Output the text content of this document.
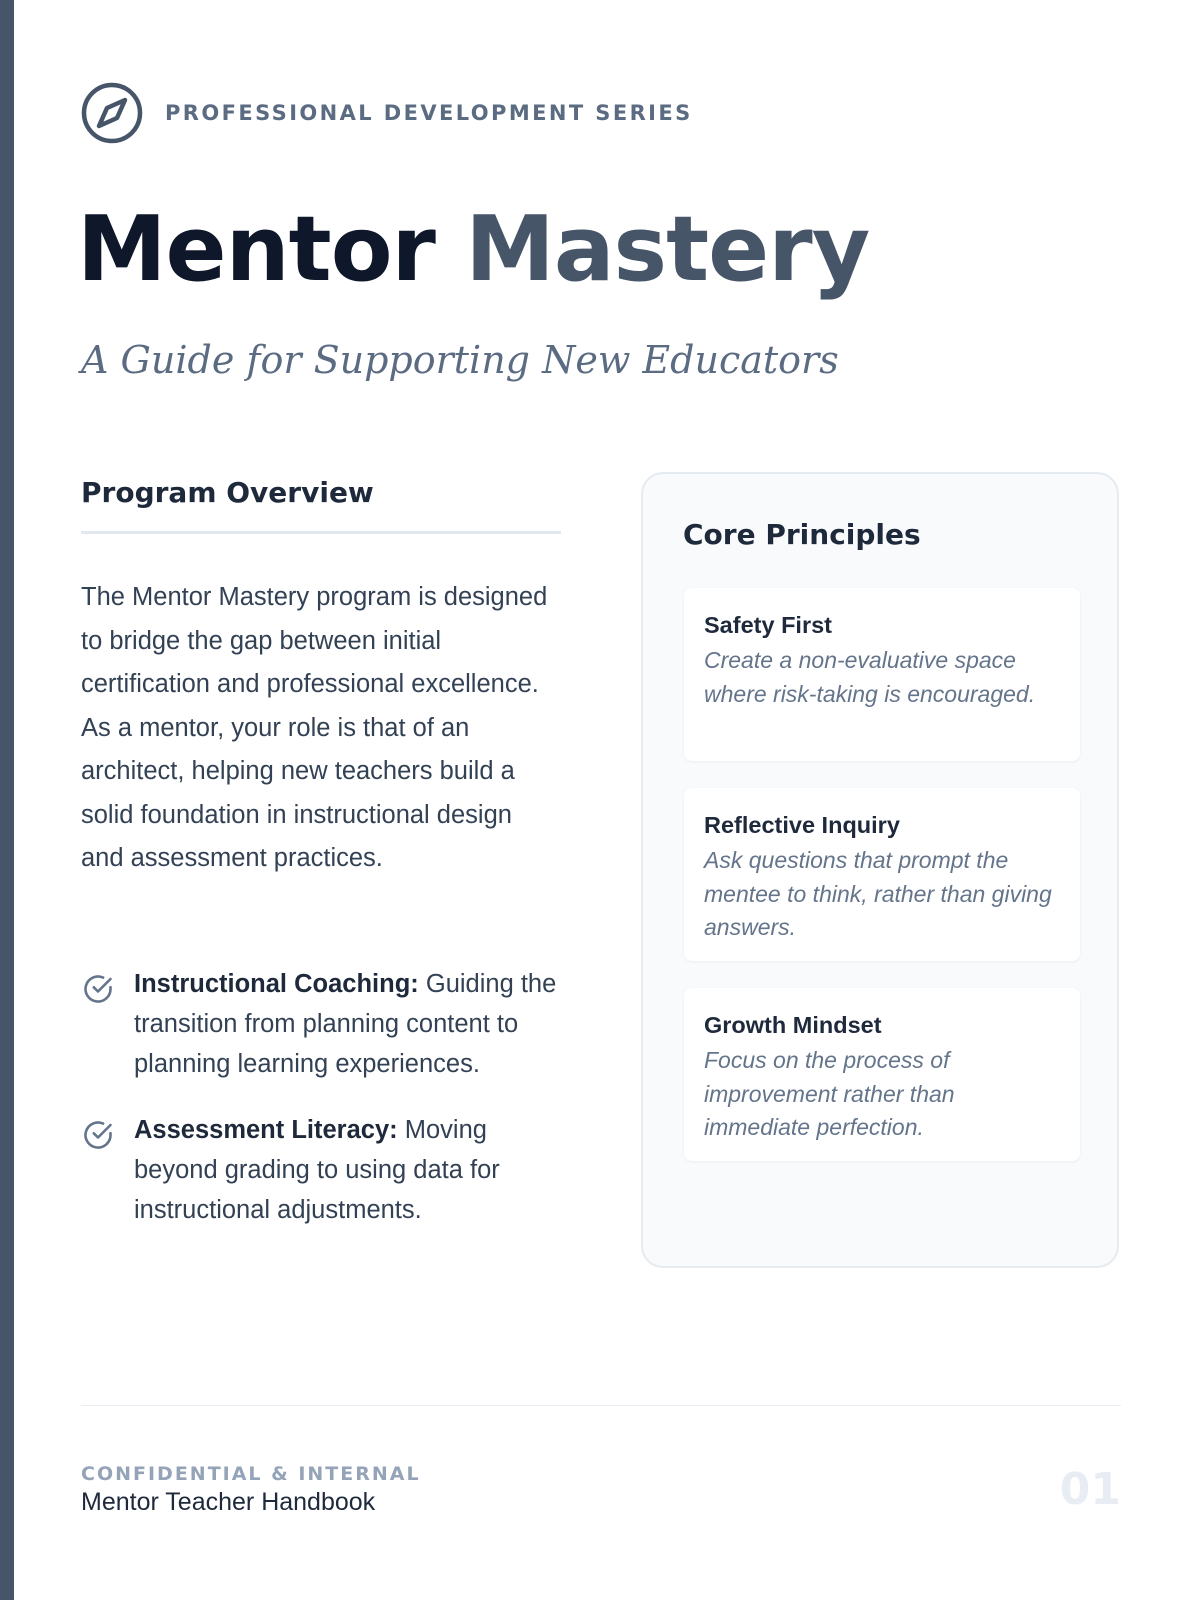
PROFESSIONAL DEVELOPMENT SERIES
Mentor Mastery

A Guide for Supporting New Educators

Program Overview

The Mentor Mastery program is designed to bridge the gap between initial certification and professional excellence. As a mentor, your role is that of an architect, helping new teachers build a solid foundation in instructional design and assessment practices.

Instructional Coaching: Guiding the transition from planning content to planning learning experiences.
Assessment Literacy: Moving beyond grading to using data for instructional adjustments.
Core Principles
Safety First
Create a non-evaluative space where risk-taking is encouraged.
Reflective Inquiry
Ask questions that prompt the mentee to think, rather than giving answers.
Growth Mindset
Focus on the process of improvement rather than immediate perfection.
CONFIDENTIAL & INTERNAL
Mentor Teacher Handbook	01
